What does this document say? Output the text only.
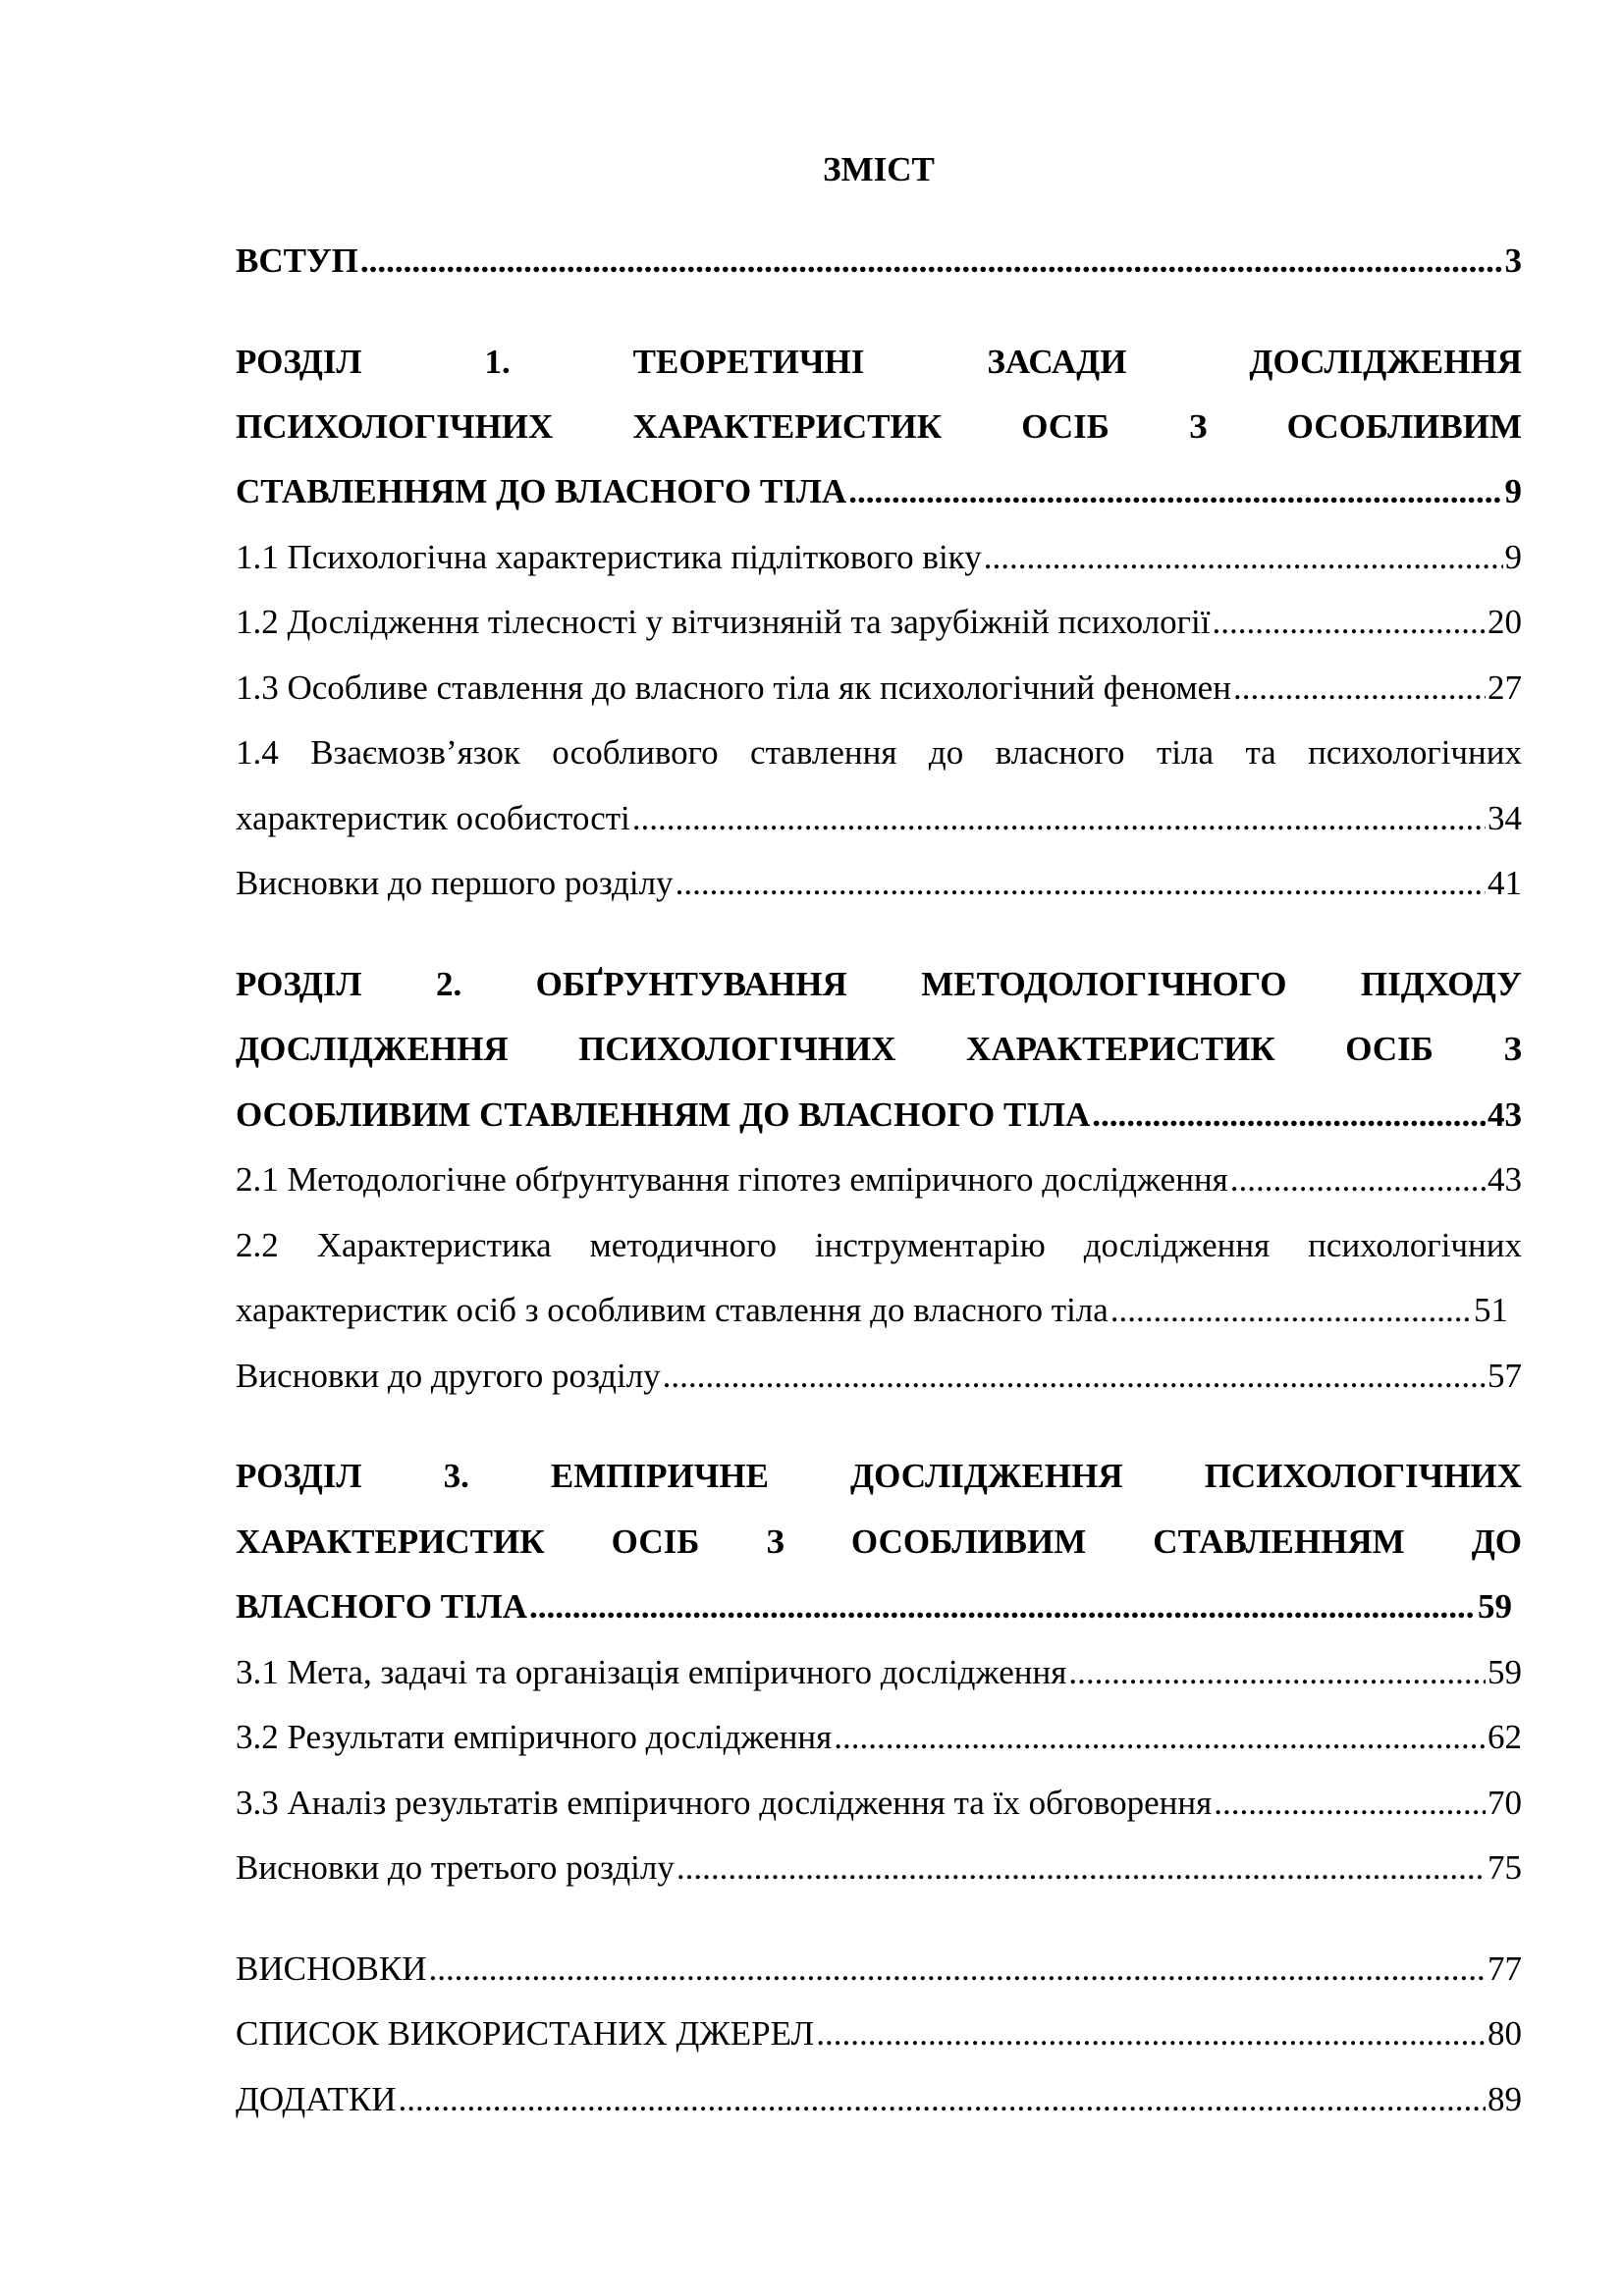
ЗМІСТ
ВСТУП .....	3
РОЗДІЛ 1. ТЕОРЕТИЧНІ ЗАСАДИ ДОСЛІДЖЕННЯ
ПСИХОЛОГІЧНИХ ХАРАКТЕРИСТИК ОСІБ З ОСОБЛИВИМ
СТАВЛЕННЯМ ДО ВЛАСНОГО ТІЛА .....	9
1.1 Психологічна характеристика підліткового віку .....	9
1.2 Дослідження тілесності у вітчизняній та зарубіжній психології .....	20
1.3 Особливе ставлення до власного тіла як психологічний феномен .....	27
1.4 Взаємозв’язок особливого ставлення до власного тіла та психологічних
характеристик особистості .....	34
Висновки до першого розділу .....	41
РОЗДІЛ 2. ОБҐРУНТУВАННЯ МЕТОДОЛОГІЧНОГО ПІДХОДУ
ДОСЛІДЖЕННЯ ПСИХОЛОГІЧНИХ ХАРАКТЕРИСТИК ОСІБ З
ОСОБЛИВИМ СТАВЛЕННЯМ ДО ВЛАСНОГО ТІЛА .....	43
2.1 Методологічне обґрунтування гіпотез емпіричного дослідження .....	43
2.2 Характеристика методичного інструментарію дослідження психологічних
характеристик осіб з особливим ставлення до власного тіла .....	51
Висновки до другого розділу .....	57
РОЗДІЛ 3. ЕМПІРИЧНЕ ДОСЛІДЖЕННЯ ПСИХОЛОГІЧНИХ
ХАРАКТЕРИСТИК ОСІБ З ОСОБЛИВИМ СТАВЛЕННЯМ ДО
ВЛАСНОГО ТІЛА .....	59
3.1 Мета, задачі та організація емпіричного дослідження .....	59
3.2 Результати емпіричного дослідження .....	62
3.3 Аналіз результатів емпіричного дослідження та їх обговорення .....	70
Висновки до третього розділу .....	75
ВИСНОВКИ .....	77
СПИСОК ВИКОРИСТАНИХ ДЖЕРЕЛ .....	80
ДОДАТКИ .....	89
